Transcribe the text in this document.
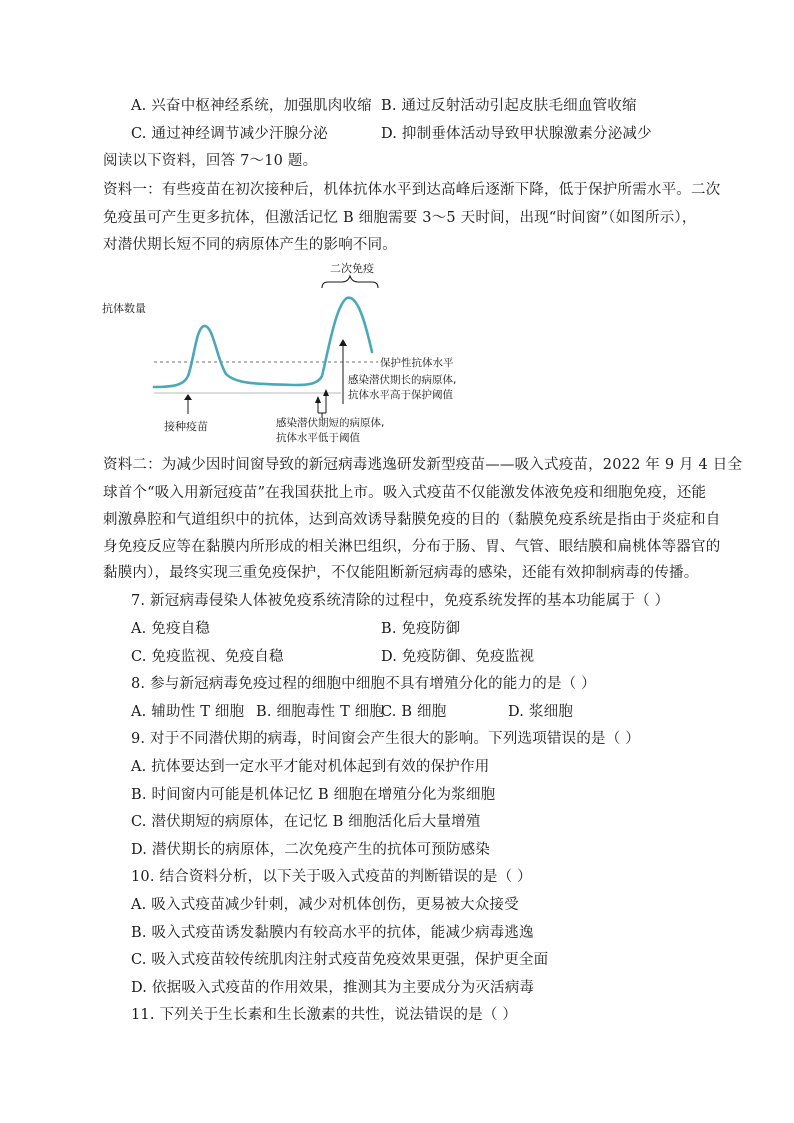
A. 兴奋中枢神经系统，加强肌肉收缩 B. 通过反射活动引起皮肤毛细血管收缩
C. 通过神经调节减少汗腺分泌	D. 抑制垂体活动导致甲状腺激素分泌减少
阅读以下资料，回答 7～10 题。
资料一：有些疫苗在初次接种后，机体抗体水平到达高峰后逐渐下降，低于保护所需水平。二次
免疫虽可产生更多抗体，但激活记忆 B 细胞需要 3～5 天时间，出现“时间窗”（如图所示），
对潜伏期长短不同的病原体产生的影响不同。
二次免疫
抗体数量
保护性抗体水平
接种疫苗
感染潜伏期长的病原体,
抗体水平高于保护阈值
感染潜伏期短的病原体,
抗体水平低于阈值
资料二：为减少因时间窗导致的新冠病毒逃逸研发新型疫苗——吸入式疫苗，2022 年 9 月 4 日全
球首个“吸入用新冠疫苗”在我国获批上市。吸入式疫苗不仅能激发体液免疫和细胞免疫，还能
刺激鼻腔和气道组织中的抗体，达到高效诱导黏膜免疫的目的（黏膜免疫系统是指由于炎症和自
身免疫反应等在黏膜内所形成的相关淋巴组织，分布于肠、胃、气管、眼结膜和扁桃体等器官的
黏膜内），最终实现三重免疫保护，不仅能阻断新冠病毒的感染，还能有效抑制病毒的传播。
7. 新冠病毒侵染人体被免疫系统清除的过程中，免疫系统发挥的基本功能属于（ ）
A. 免疫自稳	B. 免疫防御
C. 免疫监视、免疫自稳	D. 免疫防御、免疫监视
8. 参与新冠病毒免疫过程的细胞中细胞不具有增殖分化的能力的是（ ）
A. 辅助性 T 细胞 B. 细胞毒性 T 细胞
C. B 细胞	D. 浆细胞
9. 对于不同潜伏期的病毒，时间窗会产生很大的影响。下列选项错误的是（ ）
A. 抗体要达到一定水平才能对机体起到有效的保护作用
B. 时间窗内可能是机体记忆 B 细胞在增殖分化为浆细胞
C. 潜伏期短的病原体，在记忆 B 细胞活化后大量增殖
D. 潜伏期长的病原体，二次免疫产生的抗体可预防感染
10. 结合资料分析，以下关于吸入式疫苗的判断错误的是（ ）
A. 吸入式疫苗减少针刺，减少对机体创伤，更易被大众接受
B. 吸入式疫苗诱发黏膜内有较高水平的抗体，能减少病毒逃逸
C. 吸入式疫苗较传统肌肉注射式疫苗免疫效果更强，保护更全面
D. 依据吸入式疫苗的作用效果，推测其为主要成分为灭活病毒
11. 下列关于生长素和生长激素的共性，说法错误的是（ ）
